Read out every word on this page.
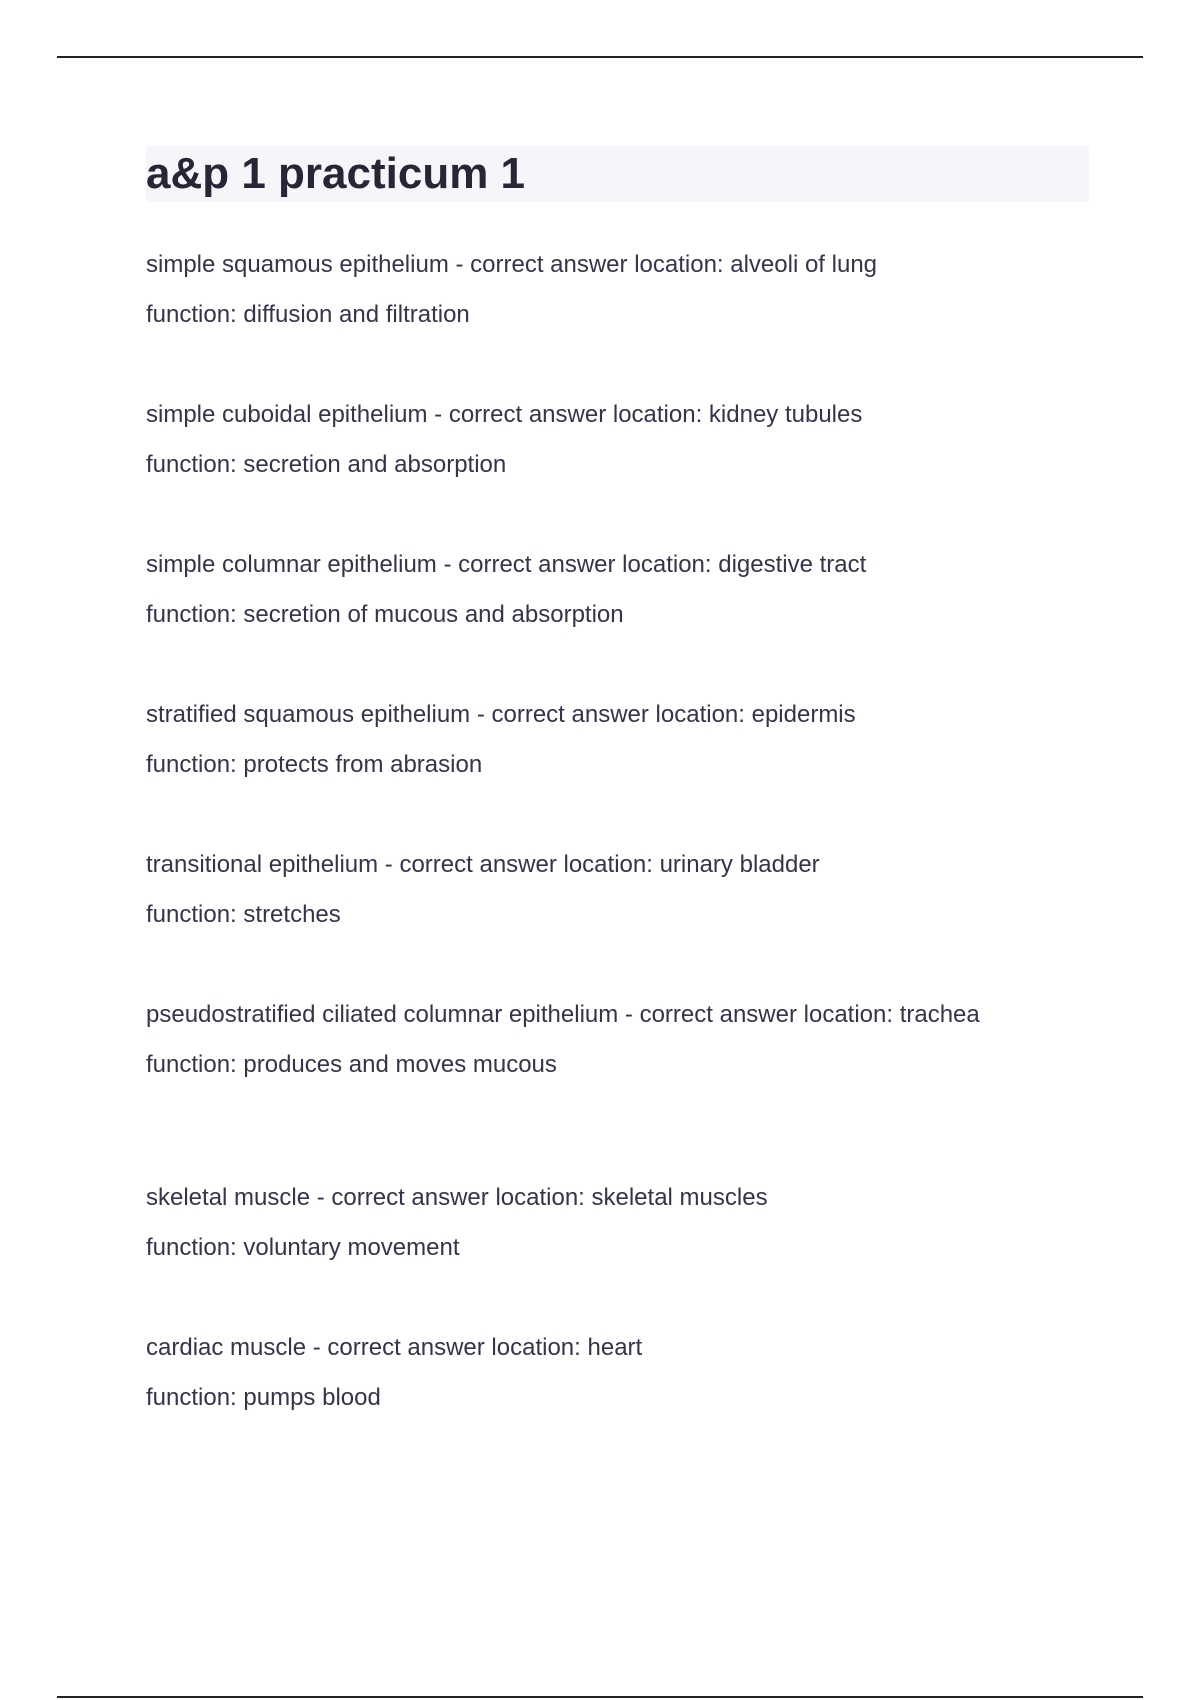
a&p 1 practicum 1
simple squamous epithelium - correct answer location: alveoli of lung
function: diffusion and filtration
simple cuboidal epithelium - correct answer location: kidney tubules
function: secretion and absorption
simple columnar epithelium - correct answer location: digestive tract
function: secretion of mucous and absorption
stratified squamous epithelium - correct answer location: epidermis
function: protects from abrasion
transitional epithelium - correct answer location: urinary bladder
function: stretches
pseudostratified ciliated columnar epithelium - correct answer location: trachea
function: produces and moves mucous
skeletal muscle - correct answer location: skeletal muscles
function: voluntary movement
cardiac muscle - correct answer location: heart
function: pumps blood
